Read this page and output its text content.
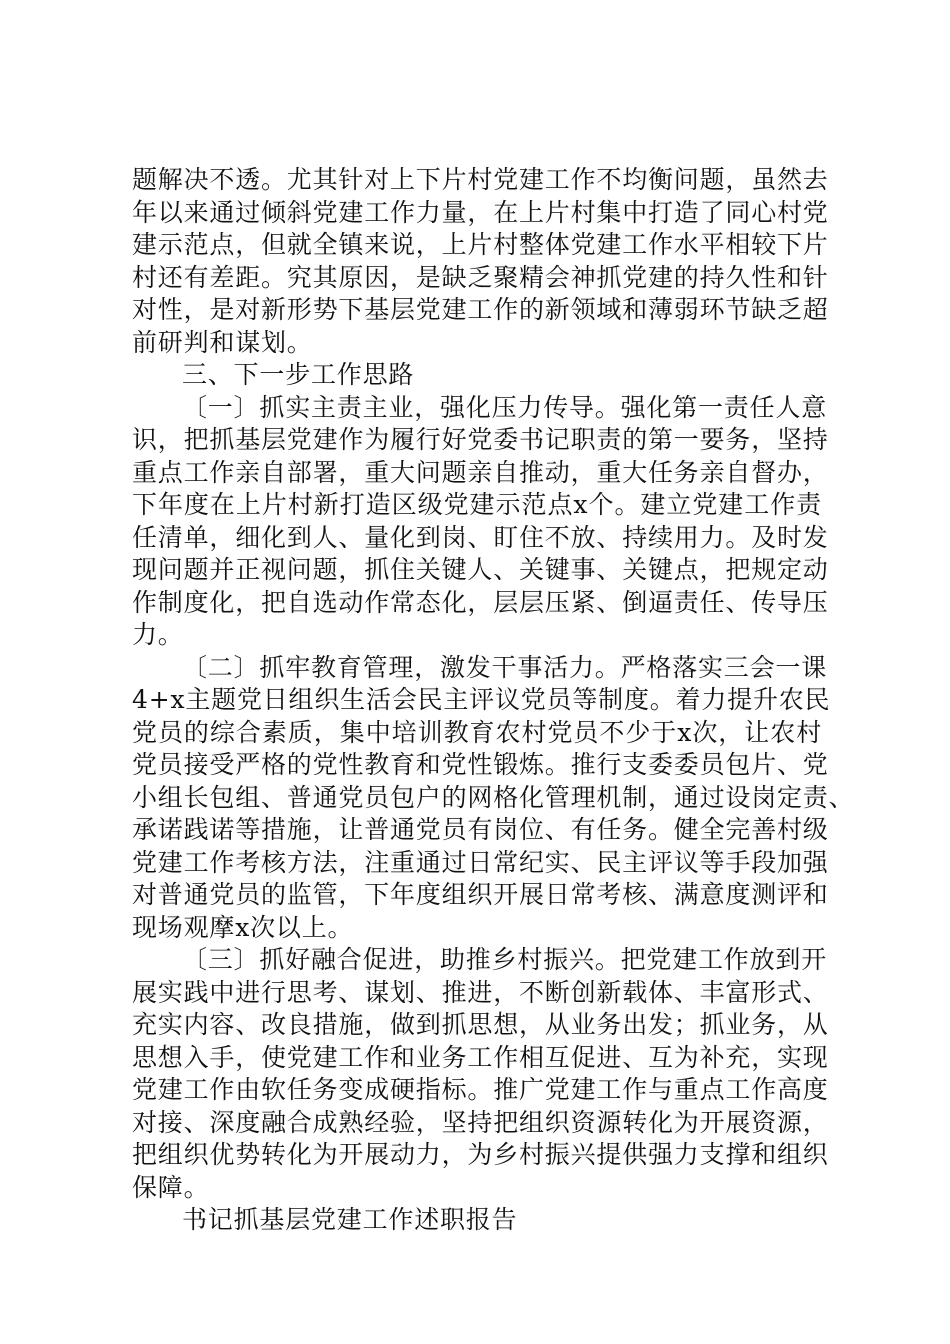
题解决不透。尤其针对上下片村党建工作不均衡问题，虽然去
年以来通过倾斜党建工作力量，在上片村集中打造了同心村党
建示范点，但就全镇来说，上片村整体党建工作水平相较下片
村还有差距。究其原因，是缺乏聚精会神抓党建的持久性和针
对性，是对新形势下基层党建工作的新领域和薄弱环节缺乏超
前研判和谋划。
三、下一步工作思路
〔一〕抓实主责主业，强化压力传导。强化第一责任人意
识，把抓基层党建作为履行好党委书记职责的第一要务，坚持
重点工作亲自部署，重大问题亲自推动，重大任务亲自督办，
下年度在上片村新打造区级党建示范点x个。建立党建工作责
任清单，细化到人、量化到岗、盯住不放、持续用力。及时发
现问题并正视问题，抓住关键人、关键事、关键点，把规定动
作制度化，把自选动作常态化，层层压紧、倒逼责任、传导压
力。
〔二〕抓牢教育管理，激发干事活力。严格落实三会一课
4+x主题党日组织生活会民主评议党员等制度。着力提升农民
党员的综合素质，集中培训教育农村党员不少于x次，让农村
党员接受严格的党性教育和党性锻炼。推行支委委员包片、党
小组长包组、普通党员包户的网格化管理机制，通过设岗定责、
承诺践诺等措施，让普通党员有岗位、有任务。健全完善村级
党建工作考核方法，注重通过日常纪实、民主评议等手段加强
对普通党员的监管，下年度组织开展日常考核、满意度测评和
现场观摩x次以上。
〔三〕抓好融合促进，助推乡村振兴。把党建工作放到开
展实践中进行思考、谋划、推进，不断创新载体、丰富形式、
充实内容、改良措施，做到抓思想，从业务出发；抓业务，从
思想入手，使党建工作和业务工作相互促进、互为补充，实现
党建工作由软任务变成硬指标。推广党建工作与重点工作高度
对接、深度融合成熟经验，坚持把组织资源转化为开展资源，
把组织优势转化为开展动力，为乡村振兴提供强力支撑和组织
保障。
书记抓基层党建工作述职报告
